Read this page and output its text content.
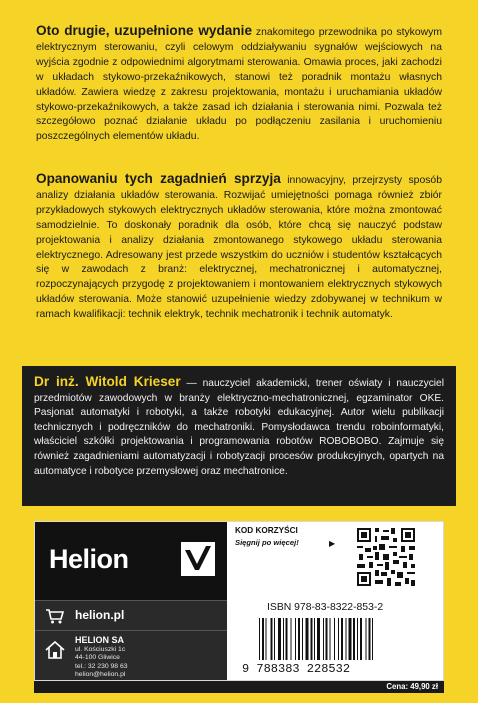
Oto drugie, uzupełnione wydanie znakomitego przewodnika po stykowym elektrycznym sterowaniu, czyli celowym oddziaływaniu sygnałów wejściowych na wyjścia zgodnie z odpowiednimi algorytmami sterowania. Omawia proces, jaki zachodzi w układach stykowo-przekaźnikowych, stanowi też poradnik montażu własnych układów. Zawiera wiedzę z zakresu projektowania, montażu i uruchamiania układów stykowo-przekaźnikowych, a także zasad ich działania i sterowania nimi. Pozwala też szczegółowo poznać działanie układu po podłączeniu zasilania i uruchomieniu poszczególnych elementów układu.
Opanowaniu tych zagadnień sprzyja innowacyjny, przejrzysty sposób analizy działania układów sterowania. Rozwijać umiejętności pomaga również zbiór przykładowych stykowych elektrycznych układów sterowania, które można zmontować samodzielnie. To doskonały poradnik dla osób, które chcą się nauczyć podstaw projektowania i analizy działania zmontowanego stykowego układu sterowania elektrycznego. Adresowany jest przede wszystkim do uczniów i studentów kształcących się w zawodach z branż: elektrycznej, mechatronicznej i automatycznej, rozpoczynających przygodę z projektowaniem i montowaniem elektrycznych stykowych układów sterowania. Może stanowić uzupełnienie wiedzy zdobywanej w technikum w ramach kwalifikacji: technik elektryk, technik mechatronik i technik automatyk.
Dr inż. Witold Krieser — nauczyciel akademicki, trener oświaty i nauczyciel przedmiotów zawodowych w branży elektryczno-mechatronicznej, egzaminator OKE. Pasjonat automatyki i robotyki, a także robotyki edukacyjnej. Autor wielu publikacji technicznych i podręczników do mechatroniki. Pomysłodawca trendu roboinformatyki, właściciel szkółki projektowania i programowania robotów ROBOBOBO. Zajmuje się również zagadnieniami automatyzacji i robotyzacji procesów produkcyjnych, opartych na automatyce i robotyce przemysłowej oraz mechatronice.
Helion
helion.pl
HELION SA
ul. Kościuszki 1c
44-100 Gliwice
tel.: 32 230 98 63
helion@helion.pl
KOD KORZYŚCI
Sięgnij po więcej!	▶
ISBN 978-83-8322-853-2
9 788383 228532
Cena: 49,90 zł
